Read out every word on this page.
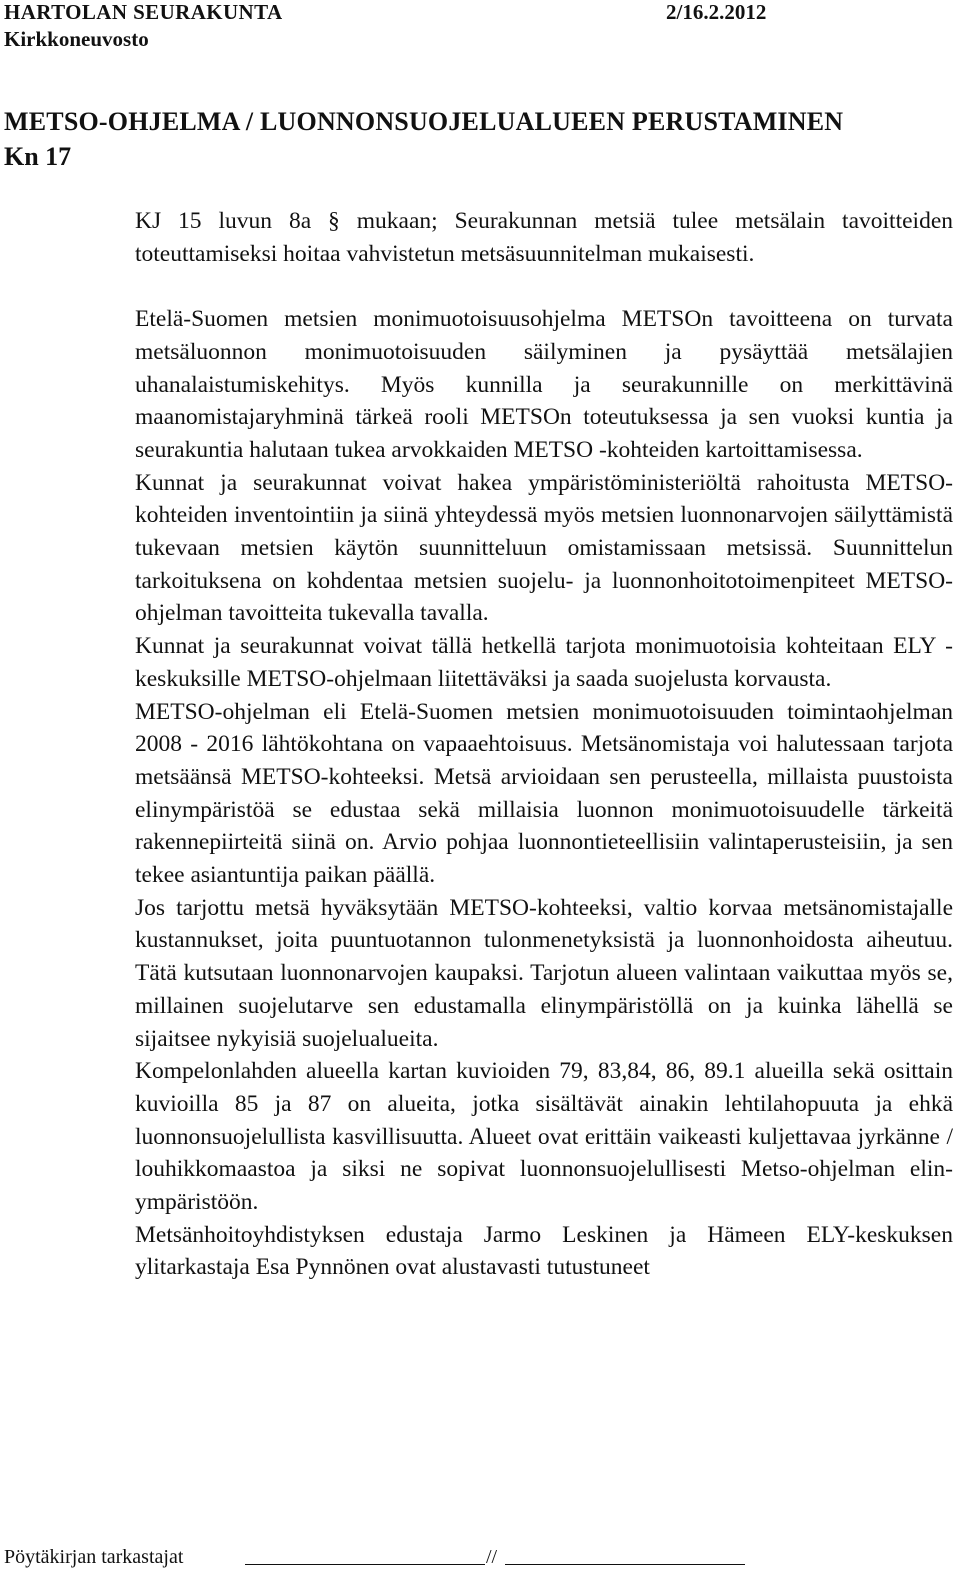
HARTOLAN SEURAKUNTA	2/16.2.2012
Kirkkoneuvosto
METSO-OHJELMA / LUONNONSUOJELUALUEEN PERUSTAMINEN
Kn 17

KJ 15 luvun 8a § mukaan; Seurakunnan metsiä tulee metsälain tavoitteiden toteuttamiseksi hoitaa vahvistetun metsäsuunnitelman mukaisesti.

Etelä-Suomen metsien monimuotoisuusohjelma METSOn tavoitteena on turvata metsäluonnon monimuotoisuuden säilyminen ja pysäyttää metsälajien uhanalaistumiskehitys. Myös kunnilla ja seurakunnille on merkittävinä maanomistajaryhminä tärkeä rooli METSOn toteutuksessa ja sen vuoksi kuntia ja seurakuntia halutaan tukea arvokkaiden METSO -kohteiden kartoittamisessa.

Kunnat ja seurakunnat voivat hakea ympäristöministeriöltä rahoitusta METSO-kohteiden inventointiin ja siinä yhteydessä myös metsien luonnonarvojen säilyttämistä tukevaan metsien käytön suunnitteluun omistamissaan metsissä. Suunnittelun tarkoituksena on kohdentaa metsien suojelu- ja luonnonhoitotoimenpiteet METSO-ohjelman tavoitteita tukevalla tavalla.

Kunnat ja seurakunnat voivat tällä hetkellä tarjota monimuotoisia kohteitaan ELY -keskuksille METSO-ohjelmaan liitettäväksi ja saada suojelusta korvausta.

METSO-ohjelman eli Etelä-Suomen metsien monimuotoisuuden toimintaohjelman 2008 - 2016 lähtökohtana on vapaaehtoisuus. Metsänomistaja voi halutessaan tarjota metsäänsä METSO-kohteeksi. Metsä arvioidaan sen perusteella, millaista puustoista elinympäristöä se edustaa sekä millaisia luonnon monimuotoisuudelle tärkeitä rakennepiirteitä siinä on. Arvio pohjaa luonnontieteellisiin valintaperusteisiin, ja sen tekee asiantuntija paikan päällä.

Jos tarjottu metsä hyväksytään METSO-kohteeksi, valtio korvaa metsänomistajalle kustannukset, joita puuntuotannon tulonmenetyksistä ja luonnonhoidosta aiheutuu. Tätä kutsutaan luonnonarvojen kaupaksi. Tarjotun alueen valintaan vaikuttaa myös se, millainen suojelutarve sen edustamalla elinympäristöllä on ja kuinka lähellä se sijaitsee nykyisiä suojelualueita.

Kompelonlahden alueella kartan kuvioiden 79, 83,84, 86, 89.1 alueilla sekä osittain kuvioilla 85 ja 87 on alueita, jotka sisältävät ainakin lehtilahopuuta ja ehkä luonnonsuojelullista kasvillisuutta. Alueet ovat erittäin vaikeasti kuljettavaa jyrkänne / louhikkomaastoa ja siksi ne sopivat luonnonsuojelullisesti Metso-ohjelman elin-ympäristöön.

Metsänhoitoyhdistyksen edustaja Jarmo Leskinen ja Hämeen ELY-keskuksen ylitarkastaja Esa Pynnönen ovat alustavasti tutustuneet

Pöytäkirjan tarkastajat	//
